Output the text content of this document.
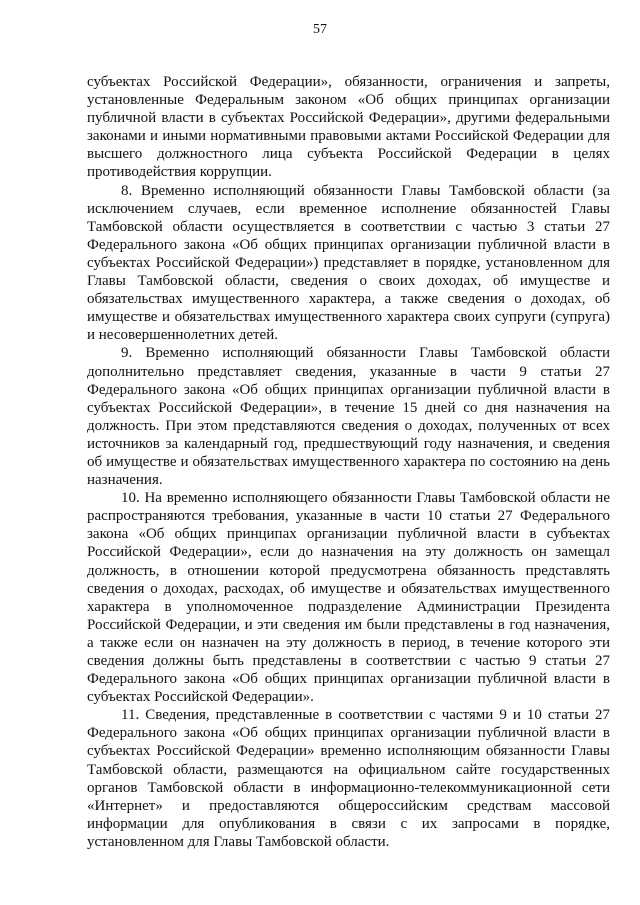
57

субъектах Российской Федерации», обязанности, ограничения и запреты, установленные Федеральным законом «Об общих принципах организации публичной власти в субъектах Российской Федерации», другими федеральными законами и иными нормативными правовыми актами Российской Федерации для высшего должностного лица субъекта Российской Федерации в целях противодействия коррупции.

8. Временно исполняющий обязанности Главы Тамбовской области (за исключением случаев, если временное исполнение обязанностей Главы Тамбовской области осуществляется в соответствии с частью 3 статьи 27 Федерального закона «Об общих принципах организации публичной власти в субъектах Российской Федерации») представляет в порядке, установленном для Главы Тамбовской области, сведения о своих доходах, об имуществе и обязательствах имущественного характера, а также сведения о доходах, об имуществе и обязательствах имущественного характера своих супруги (супруга) и несовершеннолетних детей.

9. Временно исполняющий обязанности Главы Тамбовской области дополнительно представляет сведения, указанные в части 9 статьи 27 Федерального закона «Об общих принципах организации публичной власти в субъектах Российской Федерации», в течение 15 дней со дня назначения на должность. При этом представляются сведения о доходах, полученных от всех источников за календарный год, предшествующий году назначения, и сведения об имуществе и обязательствах имущественного характера по состоянию на день назначения.

10. На временно исполняющего обязанности Главы Тамбовской области не распространяются требования, указанные в части 10 статьи 27 Федерального закона «Об общих принципах организации публичной власти в субъектах Российской Федерации», если до назначения на эту должность он замещал должность, в отношении которой предусмотрена обязанность представлять сведения о доходах, расходах, об имуществе и обязательствах имущественного характера в уполномоченное подразделение Администрации Президента Российской Федерации, и эти сведения им были представлены в год назначения, а также если он назначен на эту должность в период, в течение которого эти сведения должны быть представлены в соответствии с частью 9 статьи 27 Федерального закона «Об общих принципах организации публичной власти в субъектах Российской Федерации».

11. Сведения, представленные в соответствии с частями 9 и 10 статьи 27 Федерального закона «Об общих принципах организации публичной власти в субъектах Российской Федерации» временно исполняющим обязанности Главы Тамбовской области, размещаются на официальном сайте государственных органов Тамбовской области в информационно-телекоммуникационной сети «Интернет» и предоставляются общероссийским средствам массовой информации для опубликования в связи с их запросами в порядке, установленном для Главы Тамбовской области.
